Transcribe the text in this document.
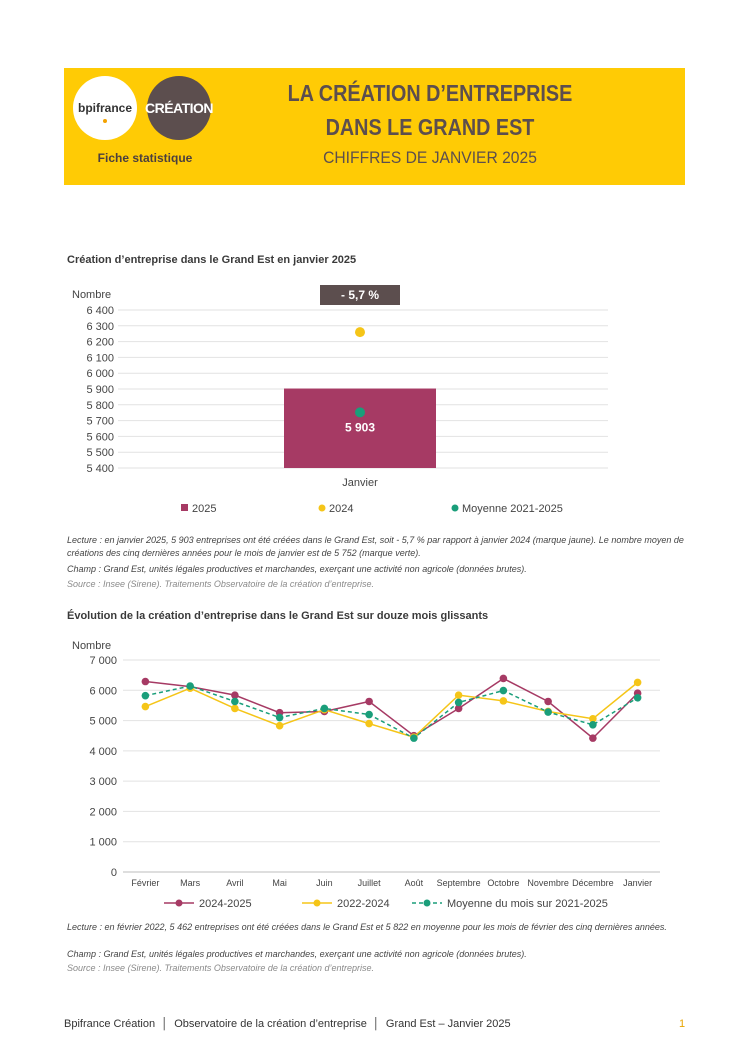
bpifrance CRÉATION
Fiche statistique
LA CRÉATION D’ENTREPRISE
DANS LE GRAND EST
CHIFFRES DE JANVIER 2025
Création d’entreprise dans le Grand Est en janvier 2025
Nombre
5 400
5 500
5 600
5 700
5 800
5 900
6 000
6 100
6 200
6 300
6 400
5 903
- 5,7 %
Janvier
2025	2024	Moyenne 2021-2025
Lecture : en janvier 2025, 5 903 entreprises ont été créées dans le Grand Est, soit - 5,7 % par rapport à janvier 2024 (marque jaune). Le nombre moyen de créations des cinq dernières années pour le mois de janvier est de 5 752 (marque verte).
Champ : Grand Est, unités légales productives et marchandes, exerçant une activité non agricole (données brutes).
Source : Insee (Sirene). Traitements Observatoire de la création d’entreprise.
Évolution de la création d’entreprise dans le Grand Est sur douze mois glissants
Nombre
0
1 000
2 000
3 000
4 000
5 000
6 000
7 000
Février Mars	Avril	Mai	Juin	Juillet	Août Septembre Octobre Novembre Décembre Janvier
2024-2025	2022-2024	Moyenne du mois sur 2021-2025
Lecture : en février 2022, 5 462 entreprises ont été créées dans le Grand Est et 5 822 en moyenne pour les mois de février des cinq dernières années.
Champ : Grand Est, unités légales productives et marchandes, exerçant une activité non agricole (données brutes).
Source : Insee (Sirene). Traitements Observatoire de la création d’entreprise.
Bpifrance Création  │  Observatoire de la création d’entreprise  │  Grand Est – Janvier 2025	1
